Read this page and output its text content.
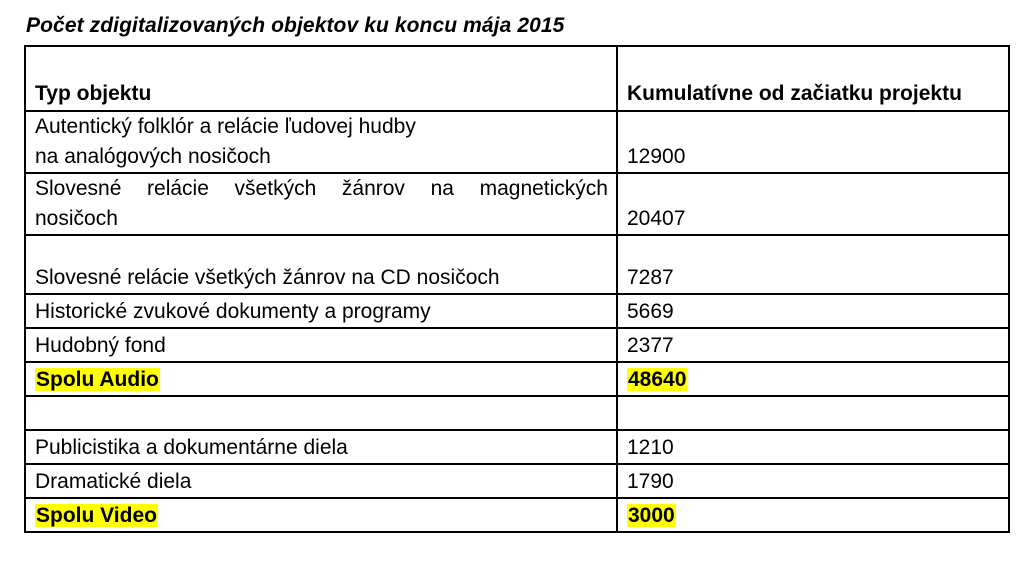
Počet zdigitalizovaných objektov ku koncu mája 2015
Typ objektu	Kumulatívne od začiatku projektu

Autentický folklór a relácie ľudovej hudby
na analógových nosičoch	12900

Slovesné relácie všetkých žánrov na magnetických
nosičoch	20407
Slovesné relácie všetkých žánrov na CD nosičoch	7287
Historické zvukové dokumenty a programy	5669
Hudobný fond	2377
Spolu Audio	48640

Publicistika a dokumentárne diela	1210
Dramatické diela	1790
Spolu Video	3000
